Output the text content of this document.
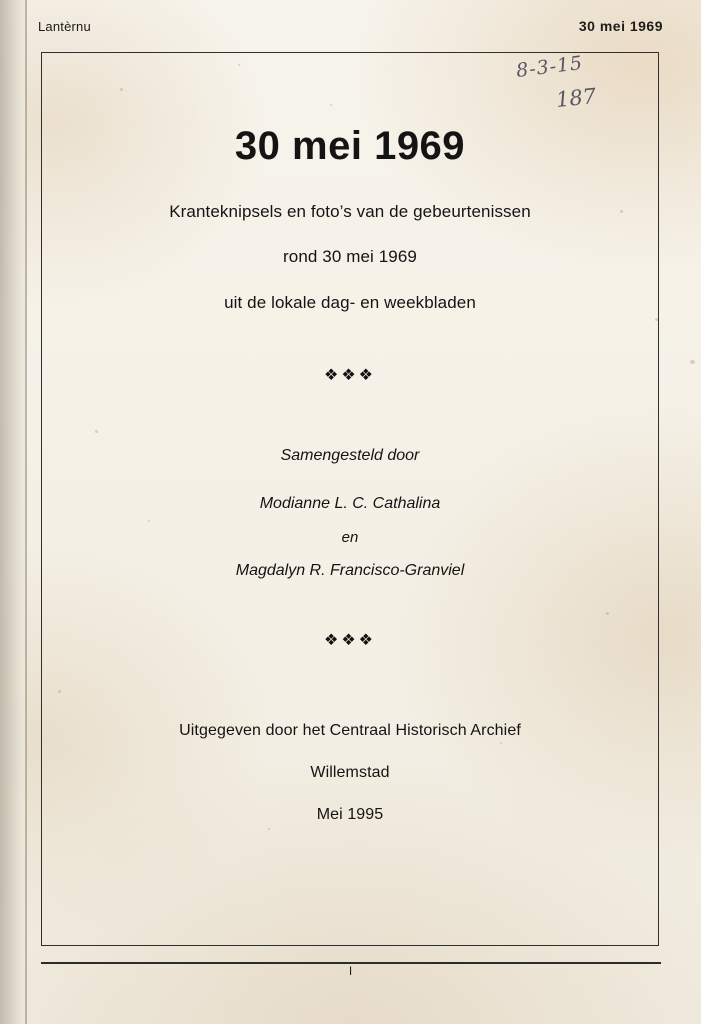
Lantèrnu	30 mei 1969
8-3-15
187
30 mei 1969
Kranteknipsels en foto’s van de gebeurtenissen
rond 30 mei 1969
uit de lokale dag- en weekbladen
❖❖❖
Samengesteld door
Modianne L. C. Cathalina
en
Magdalyn R. Francisco-Granviel
❖❖❖
Uitgegeven door het Centraal Historisch Archief
Willemstad
Mei 1995
I
